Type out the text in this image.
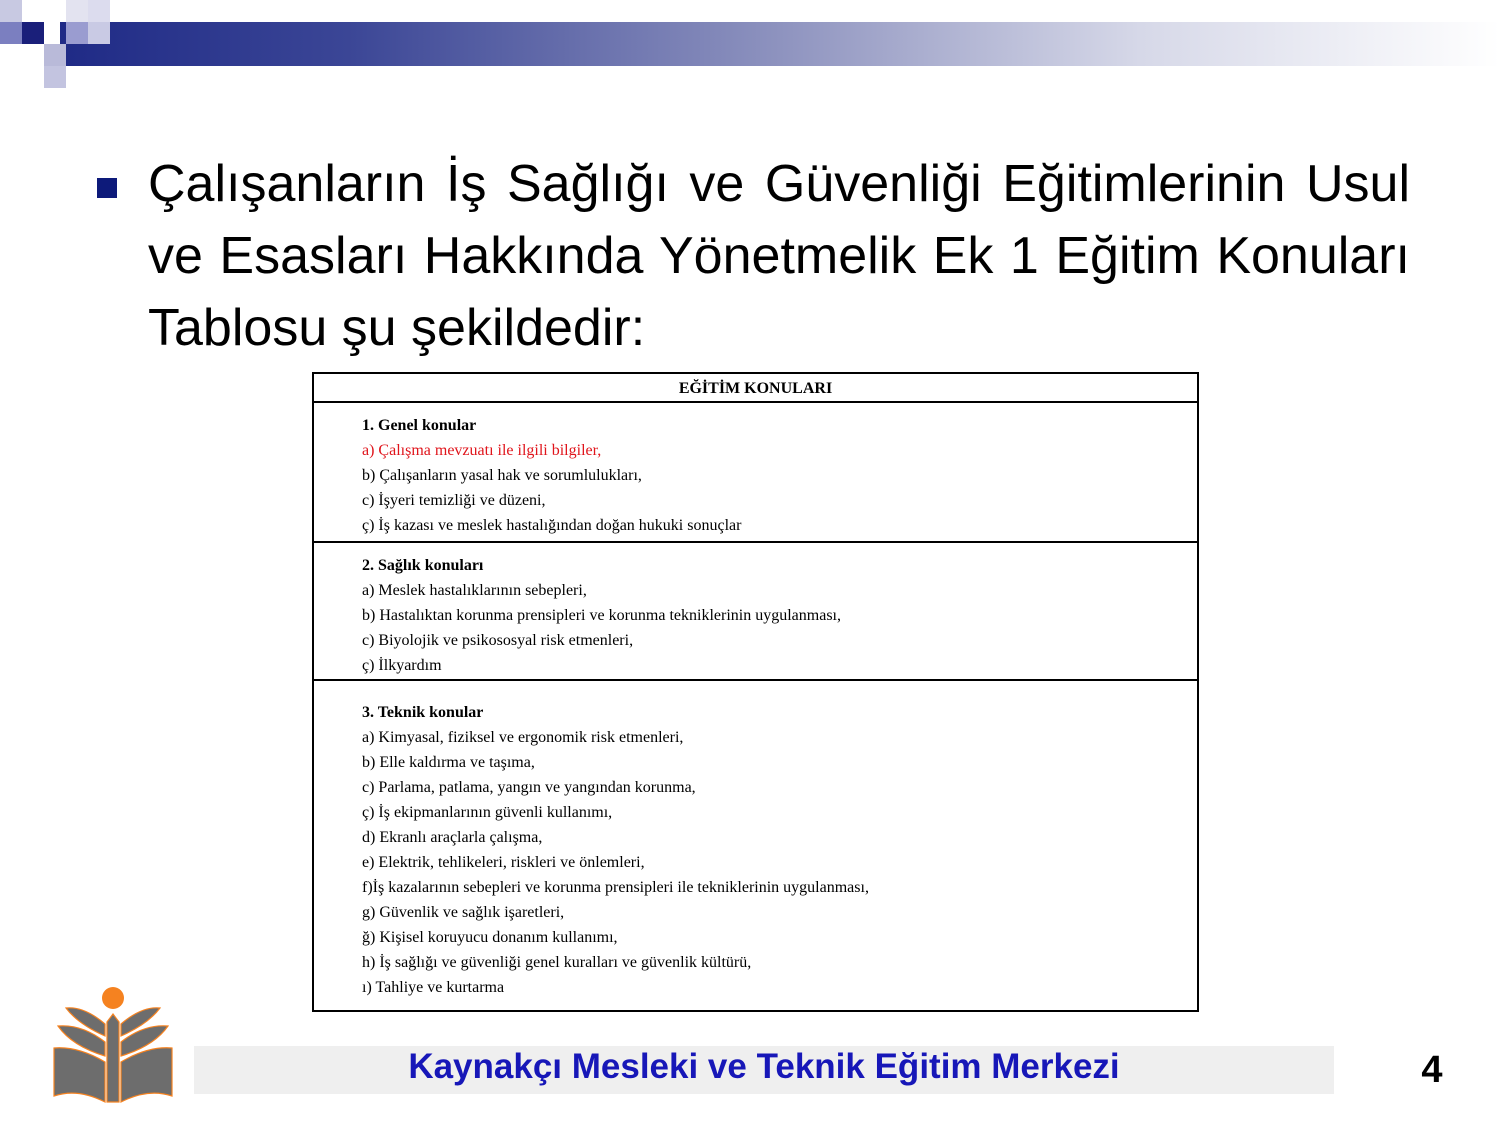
Çalışanların İş Sağlığı ve Güvenliği Eğitimlerinin Usul ve Esasları Hakkında Yönetmelik Ek 1 Eğitim Konuları Tablosu şu şekildedir:

EĞİTİM KONULARI
1. Genel konular
a) Çalışma mevzuatı ile ilgili bilgiler,
b) Çalışanların yasal hak ve sorumlulukları,
c) İşyeri temizliği ve düzeni,
ç) İş kazası ve meslek hastalığından doğan hukuki sonuçlar
2. Sağlık konuları
a) Meslek hastalıklarının sebepleri,
b) Hastalıktan korunma prensipleri ve korunma tekniklerinin uygulanması,
c) Biyolojik ve psikososyal risk etmenleri,
ç) İlkyardım
3. Teknik konular
a) Kimyasal, fiziksel ve ergonomik risk etmenleri,
b) Elle kaldırma ve taşıma,
c) Parlama, patlama, yangın ve yangından korunma,
ç) İş ekipmanlarının güvenli kullanımı,
d) Ekranlı araçlarla çalışma,
e) Elektrik, tehlikeleri, riskleri ve önlemleri,
f)İş kazalarının sebepleri ve korunma prensipleri ile tekniklerinin uygulanması,
g) Güvenlik ve sağlık işaretleri,
ğ) Kişisel koruyucu donanım kullanımı,
h) İş sağlığı ve güvenliği genel kuralları ve güvenlik kültürü,
ı) Tahliye ve kurtarma
Kaynakçı Mesleki ve Teknik Eğitim Merkezi	4
